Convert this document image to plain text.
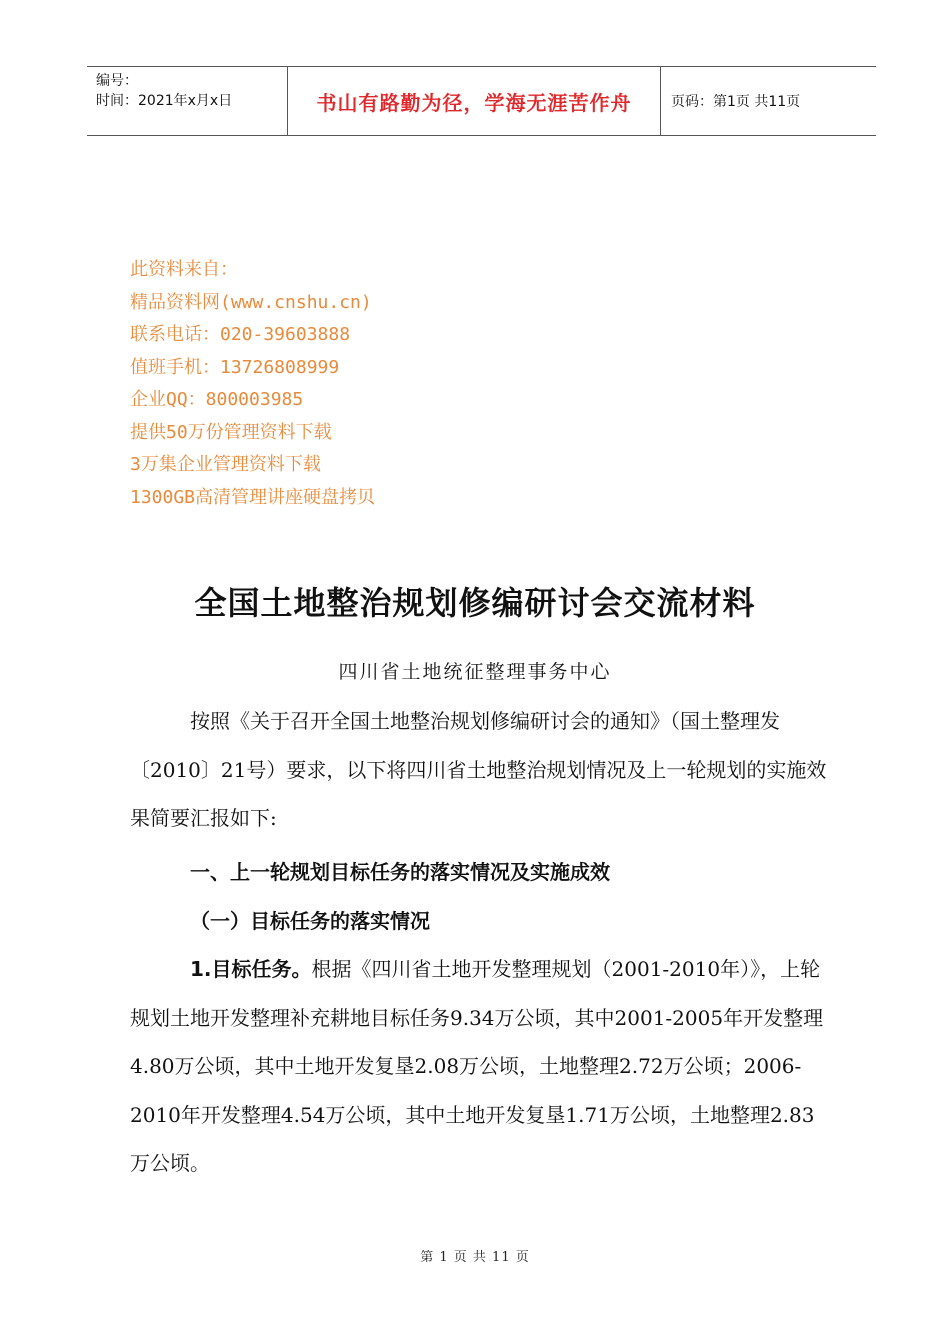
编号：
时间：2021年x月x日	书山有路勤为径，学海无涯苦作舟	页码：第1页 共11页
此资料来自：
精品资料网(www.cnshu.cn)
联系电话：020-39603888
值班手机：13726808999
企业QQ：800003985
提供50万份管理资料下载
3万集企业管理资料下载
1300GB高清管理讲座硬盘拷贝
全国土地整治规划修编研讨会交流材料
四川省土地统征整理事务中心
按照《关于召开全国土地整治规划修编研讨会的通知》（国土整理发〔2010〕21号）要求，以下将四川省土地整治规划情况及上一轮规划的实施效果简要汇报如下:
一、上一轮规划目标任务的落实情况及实施成效
（一）目标任务的落实情况
1.目标任务。根据《四川省土地开发整理规划（2001-2010年）》，上轮规划土地开发整理补充耕地目标任务9.34万公顷，其中2001-2005年开发整理4.80万公顷，其中土地开发复垦2.08万公顷，土地整理2.72万公顷；2006-2010年开发整理4.54万公顷，其中土地开发复垦1.71万公顷，土地整理2.83万公顷。
第 1 页 共 11 页
